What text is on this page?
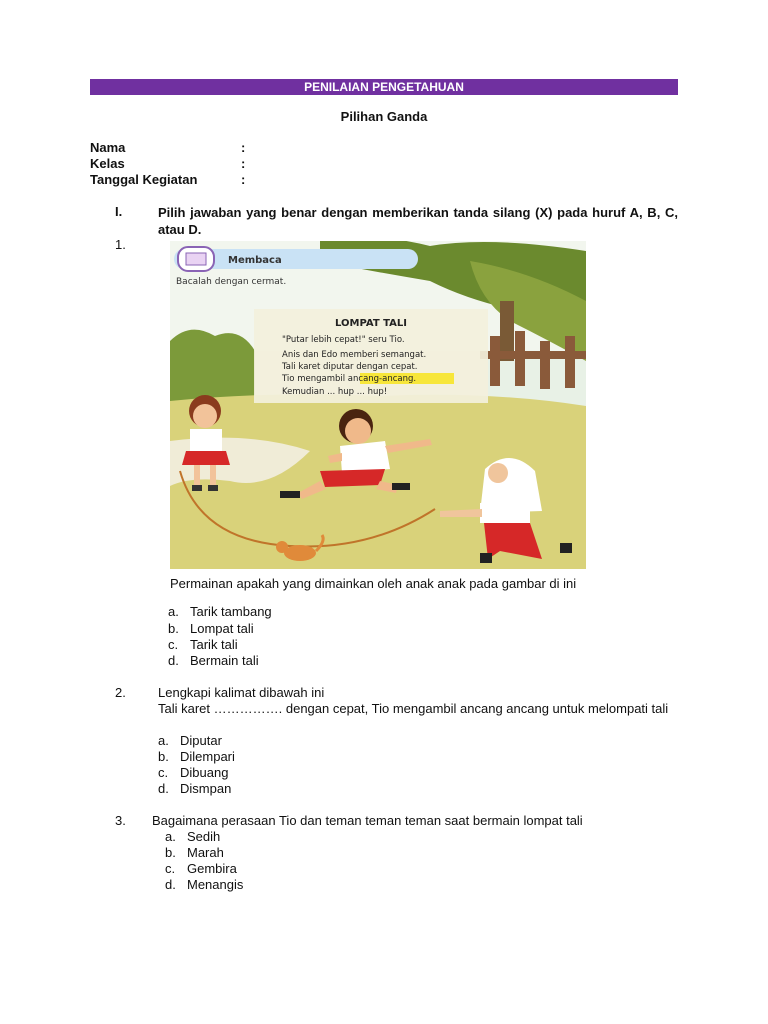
PENILAIAN PENGETAHUAN
Pilihan Ganda
Nama	:
Kelas	:
Tanggal Kegiatan	:
I.	Pilih jawaban yang benar dengan memberikan tanda silang (X) pada huruf A, B, C, atau D.
1.
Membaca
Bacalah dengan cermat.
LOMPAT TALI
"Putar lebih cepat!" seru Tio.
Anis dan Edo memberi semangat.
Tali karet diputar dengan cepat.
Tio mengambil ancang-ancang.
Kemudian ... hup ... hup!
Permainan apakah yang dimainkan oleh anak anak pada gambar di ini
a. Tarik tambang
b. Lompat tali
c. Tarik tali
d. Bermain tali
2. Lengkapi kalimat dibawah ini
Tali karet ……………. dengan cepat, Tio mengambil ancang ancang untuk melompati tali
a. Diputar
b. Dilempari
c. Dibuang
d. Dismpan
3. Bagaimana perasaan Tio dan teman teman teman saat bermain lompat tali
a. Sedih
b. Marah
c. Gembira
d. Menangis
